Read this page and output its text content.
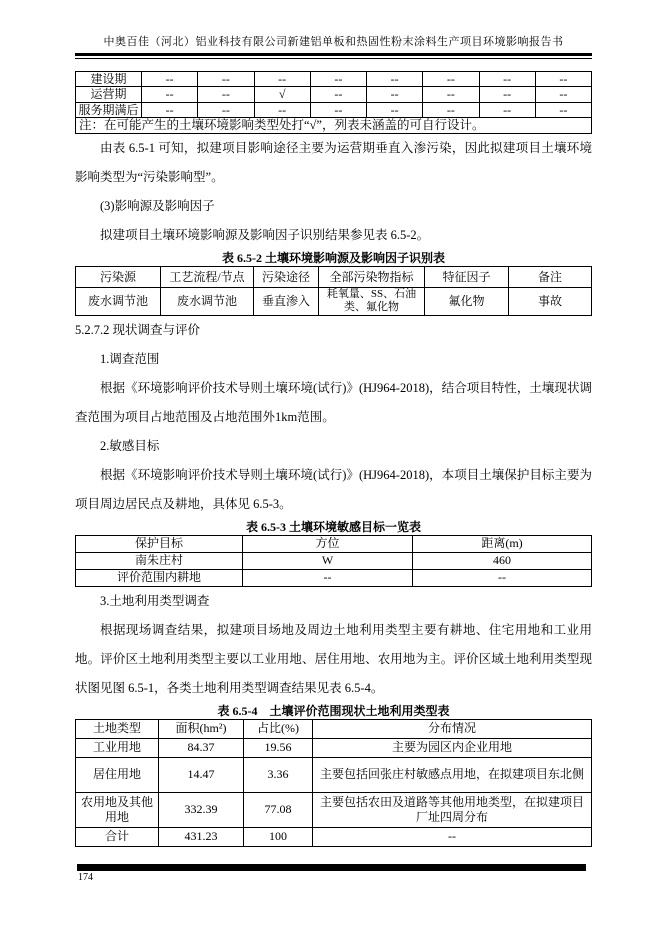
中奥百佳（河北）铝业科技有限公司新建铝单板和热固性粉末涂料生产项目环境影响报告书
建设期	--	--	--	--	--	--	--	--
运营期	--	--	√	--	--	--	--	--
服务期满后	--	--	--	--	--	--	--	--
注：在可能产生的土壤环境影响类型处打“√”，列表未涵盖的可自行设计。								

由表 6.5-1 可知，拟建项目影响途径主要为运营期垂直入渗污染，因此拟建项目土壤环境影响类型为“污染影响型”。

(3)影响源及影响因子

拟建项目土壤环境影响源及影响因子识别结果参见表 6.5-2。

表 6.5-2 土壤环境影响源及影响因子识别表

污染源	工艺流程/节点	污染途径	全部污染物指标	特征因子	备注
废水调节池	废水调节池	垂直渗入	耗氧量、SS、石油类、氟化物	氟化物	事故

5.2.7.2 现状调查与评价

1.调查范围

根据《环境影响评价技术导则土壤环境(试行)》(HJ964-2018)，结合项目特性，土壤现状调查范围为项目占地范围及占地范围外1km范围。

2.敏感目标

根据《环境影响评价技术导则土壤环境(试行)》(HJ964-2018)，本项目土壤保护目标主要为项目周边居民点及耕地，具体见 6.5-3。

表 6.5-3 土壤环境敏感目标一览表

保护目标	方位	距离(m)
南朱庄村	W	460
评价范围内耕地	--	--

3.土地利用类型调查

根据现场调查结果，拟建项目场地及周边土地利用类型主要有耕地、住宅用地和工业用地。评价区土地利用类型主要以工业用地、居住用地、农用地为主。评价区域土地利用类型现状图见图 6.5-1，各类土地利用类型调查结果见表 6.5-4。

表 6.5-4　土壤评价范围现状土地利用类型表

土地类型	面积(hm²)	占比(%)	分布情况
工业用地	84.37	19.56	主要为园区内企业用地
居住用地	14.47	3.36	主要包括回张庄村敏感点用地，在拟建项目东北侧
农用地及其他用地	332.39	77.08	主要包括农田及道路等其他用地类型，在拟建项目厂址四周分布
合计	431.23	100	--
174
